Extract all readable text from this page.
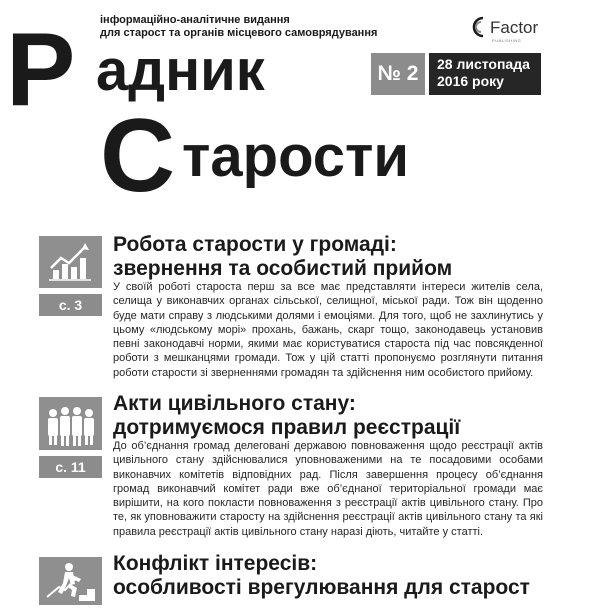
Р	інформаційно-аналітичне видання
для старост та органів місцевого самоврядування	Factor
PUBLISHING
адник	№ 2	28 листопада
2016 року
С тарости
с. 3
Робота старости у громаді:
звернення та особистий прийом
У своїй роботі староста перш за все має представляти інтереси жителів села, селища у виконавчих органах сільської, селищної, міської ради. Тож він щоденно буде мати справу з людськими долями і емоціями. Для того, щоб не захлинутись у цьому «людському морі» прохань, бажань, скарг тощо, законодавець установив певні законодавчі норми, якими має користуватися староста під час повсякденної роботи з мешканцями громади. Тож у цій статті пропонуємо розглянути питання роботи старости зі зверненнями громадян та здійснення ним особистого прийому.
с. 11
Акти цивільного стану:
дотримуємося правил реєстрації
До об’єднання громад делеговані державою повноваження щодо реєстрації актів цивільного стану здійснювалися уповноваженими на те посадовими особами виконавчих комітетів відповідних рад. Після завершення процесу об’єднання громад виконавчий комітет ради вже об’єднаної територіальної громади має вирішити, на кого покласти повноваження з реєстрації актів цивільного стану. Про те, як уповноважити старосту на здійснення реєстрації актів цивільного стану та які правила реєстрації актів цивільного стану наразі діють, читайте у статті.
Конфлікт інтересів:
особливості врегулювання для старост
